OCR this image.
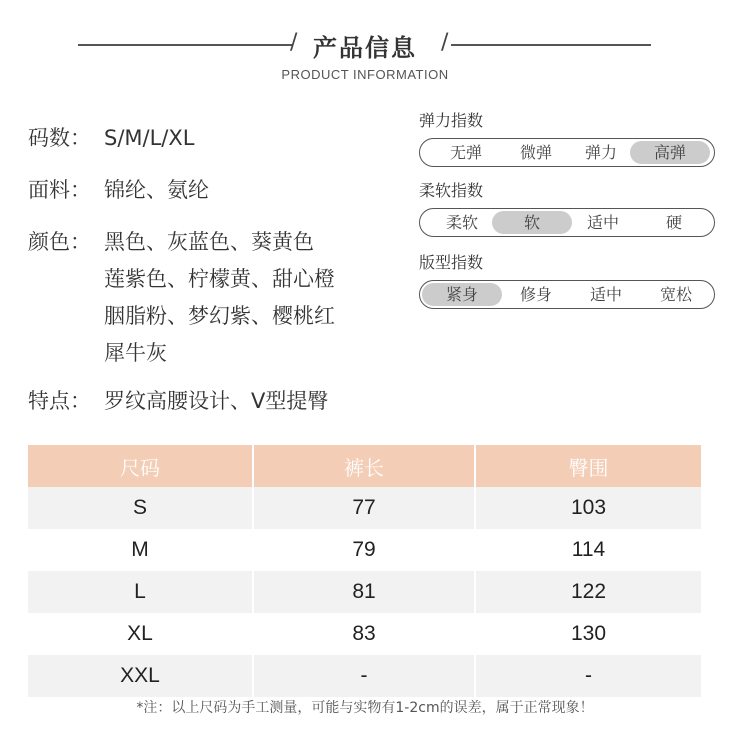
/ 产品信息	/
PRODUCT INFORMATION
码数： S/M/L/XL
面料： 锦纶、氨纶
颜色： 黑色、灰蓝色、葵黄色
莲紫色、柠檬黄、甜心橙
胭脂粉、梦幻紫、樱桃红
犀牛灰
特点： 罗纹高腰设计、V型提臀
弹力指数
无弹	微弹	弹力	高弹
柔软指数
柔软	软	适中	硬
版型指数
紧身	修身	适中	宽松
尺码	裤长	臀围
S	77	103
M	79	114
L	81	122
XL	83	130
XXL	-	-
*注：以上尺码为手工测量，可能与实物有1-2cm的误差，属于正常现象！
